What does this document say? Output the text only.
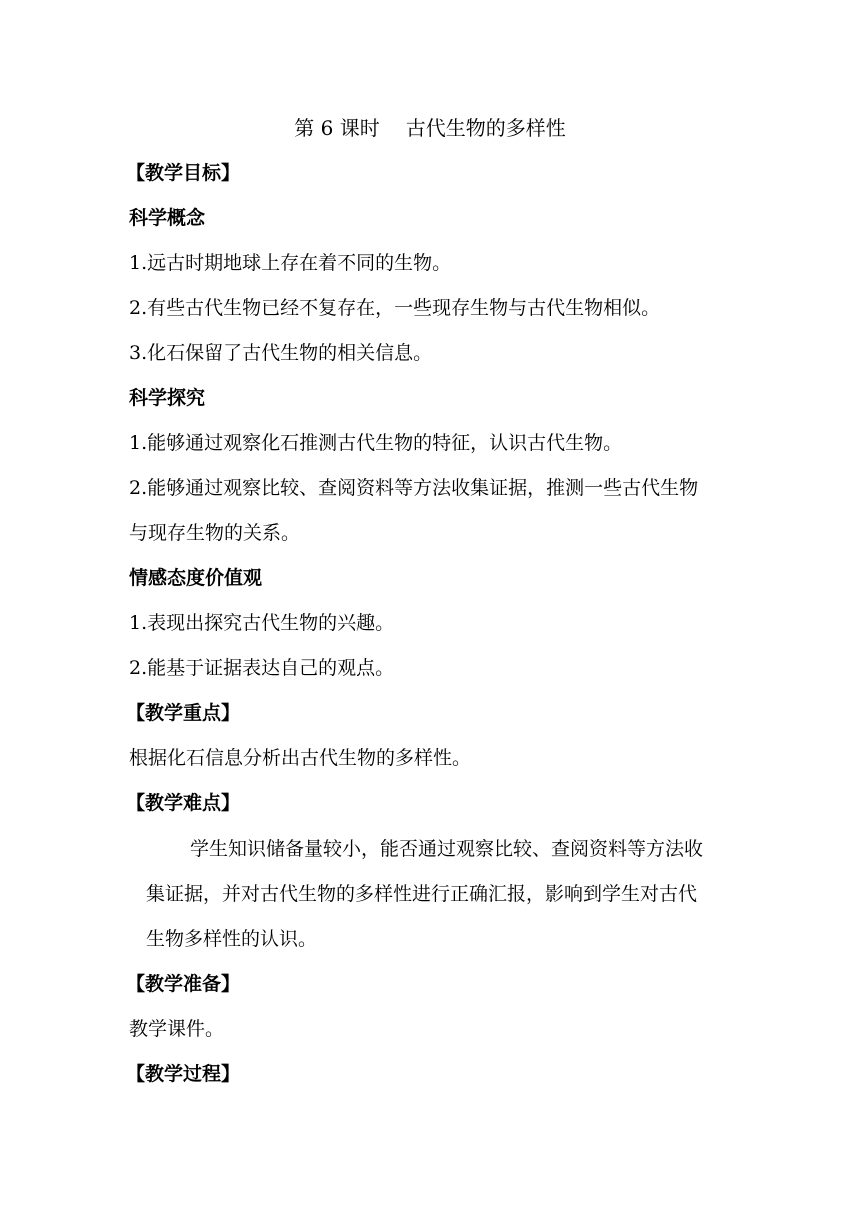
第 6 课时 古代生物的多样性
【教学目标】
科学概念
1.远古时期地球上存在着不同的生物。
2.有些古代生物已经不复存在，一些现存生物与古代生物相似。
3.化石保留了古代生物的相关信息。
科学探究
1.能够通过观察化石推测古代生物的特征，认识古代生物。
2.能够通过观察比较、查阅资料等方法收集证据，推测一些古代生物
与现存生物的关系。
情感态度价值观
1.表现出探究古代生物的兴趣。
2.能基于证据表达自己的观点。
【教学重点】
根据化石信息分析出古代生物的多样性。
【教学难点】
学生知识储备量较小，能否通过观察比较、查阅资料等方法收
集证据，并对古代生物的多样性进行正确汇报，影响到学生对古代
生物多样性的认识。
【教学准备】
教学课件。
【教学过程】
